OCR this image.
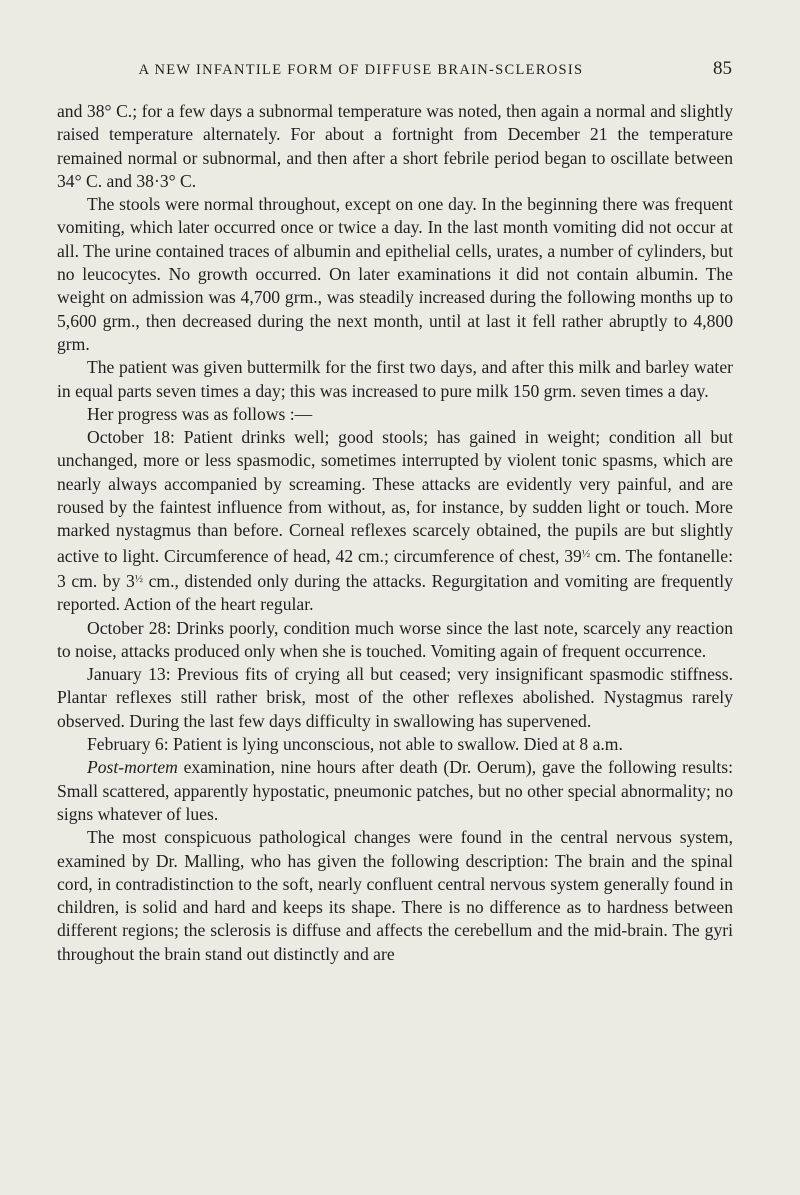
A NEW INFANTILE FORM OF DIFFUSE BRAIN-SCLEROSIS	85

and 38° C.; for a few days a subnormal temperature was noted, then again a normal and slightly raised temperature alternately. For about a fortnight from December 21 the temperature remained normal or subnormal, and then after a short febrile period began to oscillate between 34° C. and 38·3° C.

The stools were normal throughout, except on one day. In the beginning there was frequent vomiting, which later occurred once or twice a day. In the last month vomiting did not occur at all. The urine contained traces of albumin and epithelial cells, urates, a number of cylinders, but no leucocytes. No growth occurred. On later examinations it did not contain albumin. The weight on admission was 4,700 grm., was steadily increased during the following months up to 5,600 grm., then decreased during the next month, until at last it fell rather abruptly to 4,800 grm.

The patient was given buttermilk for the first two days, and after this milk and barley water in equal parts seven times a day; this was increased to pure milk 150 grm. seven times a day.

Her progress was as follows :—

October 18: Patient drinks well; good stools; has gained in weight; condition all but unchanged, more or less spasmodic, sometimes interrupted by violent tonic spasms, which are nearly always accompanied by screaming. These attacks are evidently very painful, and are roused by the faintest influence from without, as, for instance, by sudden light or touch. More marked nystagmus than before. Corneal reflexes scarcely obtained, the pupils are but slightly active to light. Circumference of head, 42 cm.; circumference of chest, $39^{\frac{1}{2}}$ cm. The fontanelle: 3 cm. by $3^{\frac{1}{2}}$ cm., distended only during the attacks. Regurgitation and vomiting are frequently reported. Action of the heart regular.

October 28: Drinks poorly, condition much worse since the last note, scarcely any reaction to noise, attacks produced only when she is touched. Vomiting again of frequent occurrence.

January 13: Previous fits of crying all but ceased; very insignificant spasmodic stiffness. Plantar reflexes still rather brisk, most of the other reflexes abolished. Nystagmus rarely observed. During the last few days difficulty in swallowing has supervened.

February 6: Patient is lying unconscious, not able to swallow. Died at 8 a.m.

Post-mortem examination, nine hours after death (Dr. Oerum), gave the following results: Small scattered, apparently hypostatic, pneumonic patches, but no other special abnormality; no signs whatever of lues.

The most conspicuous pathological changes were found in the central nervous system, examined by Dr. Malling, who has given the following description: The brain and the spinal cord, in contradistinction to the soft, nearly confluent central nervous system generally found in children, is solid and hard and keeps its shape. There is no difference as to hardness between different regions; the sclerosis is diffuse and affects the cerebellum and the mid-brain. The gyri throughout the brain stand out distinctly and are
